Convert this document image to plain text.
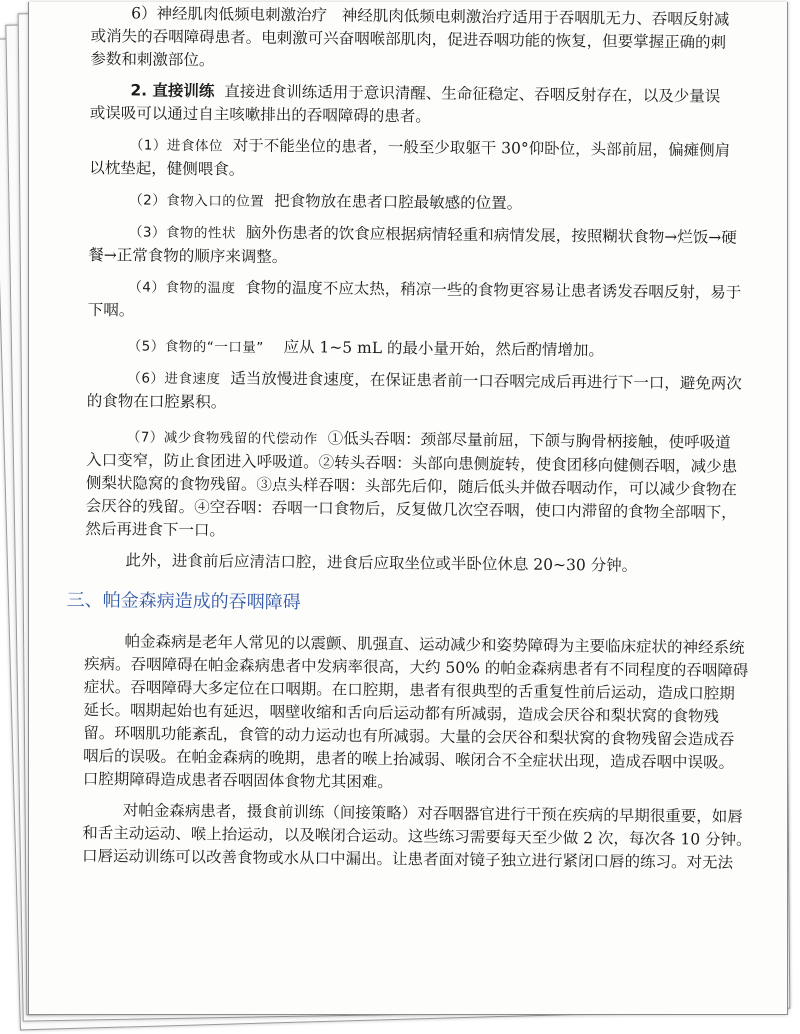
6）神经肌肉低频电刺激治疗 神经肌肉低频电刺激治疗适用于吞咽肌无力、吞咽反射减

或消失的吞咽障碍患者。电刺激可兴奋咽喉部肌肉，促进吞咽功能的恢复，但要掌握正确的刺

参数和刺激部位。

2. 直接训练 直接进食训练适用于意识清醒、生命征稳定、吞咽反射存在，以及少量误

或误吸可以通过自主咳嗽排出的吞咽障碍的患者。

（1）进食体位 对于不能坐位的患者，一般至少取躯干 30°仰卧位，头部前屈，偏瘫侧肩

以枕垫起，健侧喂食。

（2）食物入口的位置 把食物放在患者口腔最敏感的位置。

（3）食物的性状 脑外伤患者的饮食应根据病情轻重和病情发展，按照糊状食物→烂饭→硬

餐→正常食物的顺序来调整。

（4）食物的温度 食物的温度不应太热，稍凉一些的食物更容易让患者诱发吞咽反射，易于

下咽。

（5）食物的“一口量” 应从 1~5 mL 的最小量开始，然后酌情增加。

（6）进食速度 适当放慢进食速度，在保证患者前一口吞咽完成后再进行下一口，避免两次

的食物在口腔累积。

（7）减少食物残留的代偿动作 ①低头吞咽：颈部尽量前屈，下颌与胸骨柄接触，使呼吸道

入口变窄，防止食团进入呼吸道。②转头吞咽：头部向患侧旋转，使食团移向健侧吞咽，减少患

侧梨状隐窝的食物残留。③点头样吞咽：头部先后仰，随后低头并做吞咽动作，可以减少食物在

会厌谷的残留。④空吞咽：吞咽一口食物后，反复做几次空吞咽，使口内滞留的食物全部咽下，

然后再进食下一口。

此外，进食前后应清洁口腔，进食后应取坐位或半卧位休息 20~30 分钟。

三、帕金森病造成的吞咽障碍

帕金森病是老年人常见的以震颤、肌强直、运动减少和姿势障碍为主要临床症状的神经系统

疾病。吞咽障碍在帕金森病患者中发病率很高，大约 50% 的帕金森病患者有不同程度的吞咽障碍

症状。吞咽障碍大多定位在口咽期。在口腔期，患者有很典型的舌重复性前后运动，造成口腔期

延长。咽期起始也有延迟，咽壁收缩和舌向后运动都有所减弱，造成会厌谷和梨状窝的食物残

留。环咽肌功能紊乱，食管的动力运动也有所减弱。大量的会厌谷和梨状窝的食物残留会造成吞

咽后的误吸。在帕金森病的晚期，患者的喉上抬减弱、喉闭合不全症状出现，造成吞咽中误吸。

口腔期障碍造成患者吞咽固体食物尤其困难。

对帕金森病患者，摄食前训练（间接策略）对吞咽器官进行干预在疾病的早期很重要，如唇

和舌主动运动、喉上抬运动，以及喉闭合运动。这些练习需要每天至少做 2 次，每次各 10 分钟。

口唇运动训练可以改善食物或水从口中漏出。让患者面对镜子独立进行紧闭口唇的练习。对无法
